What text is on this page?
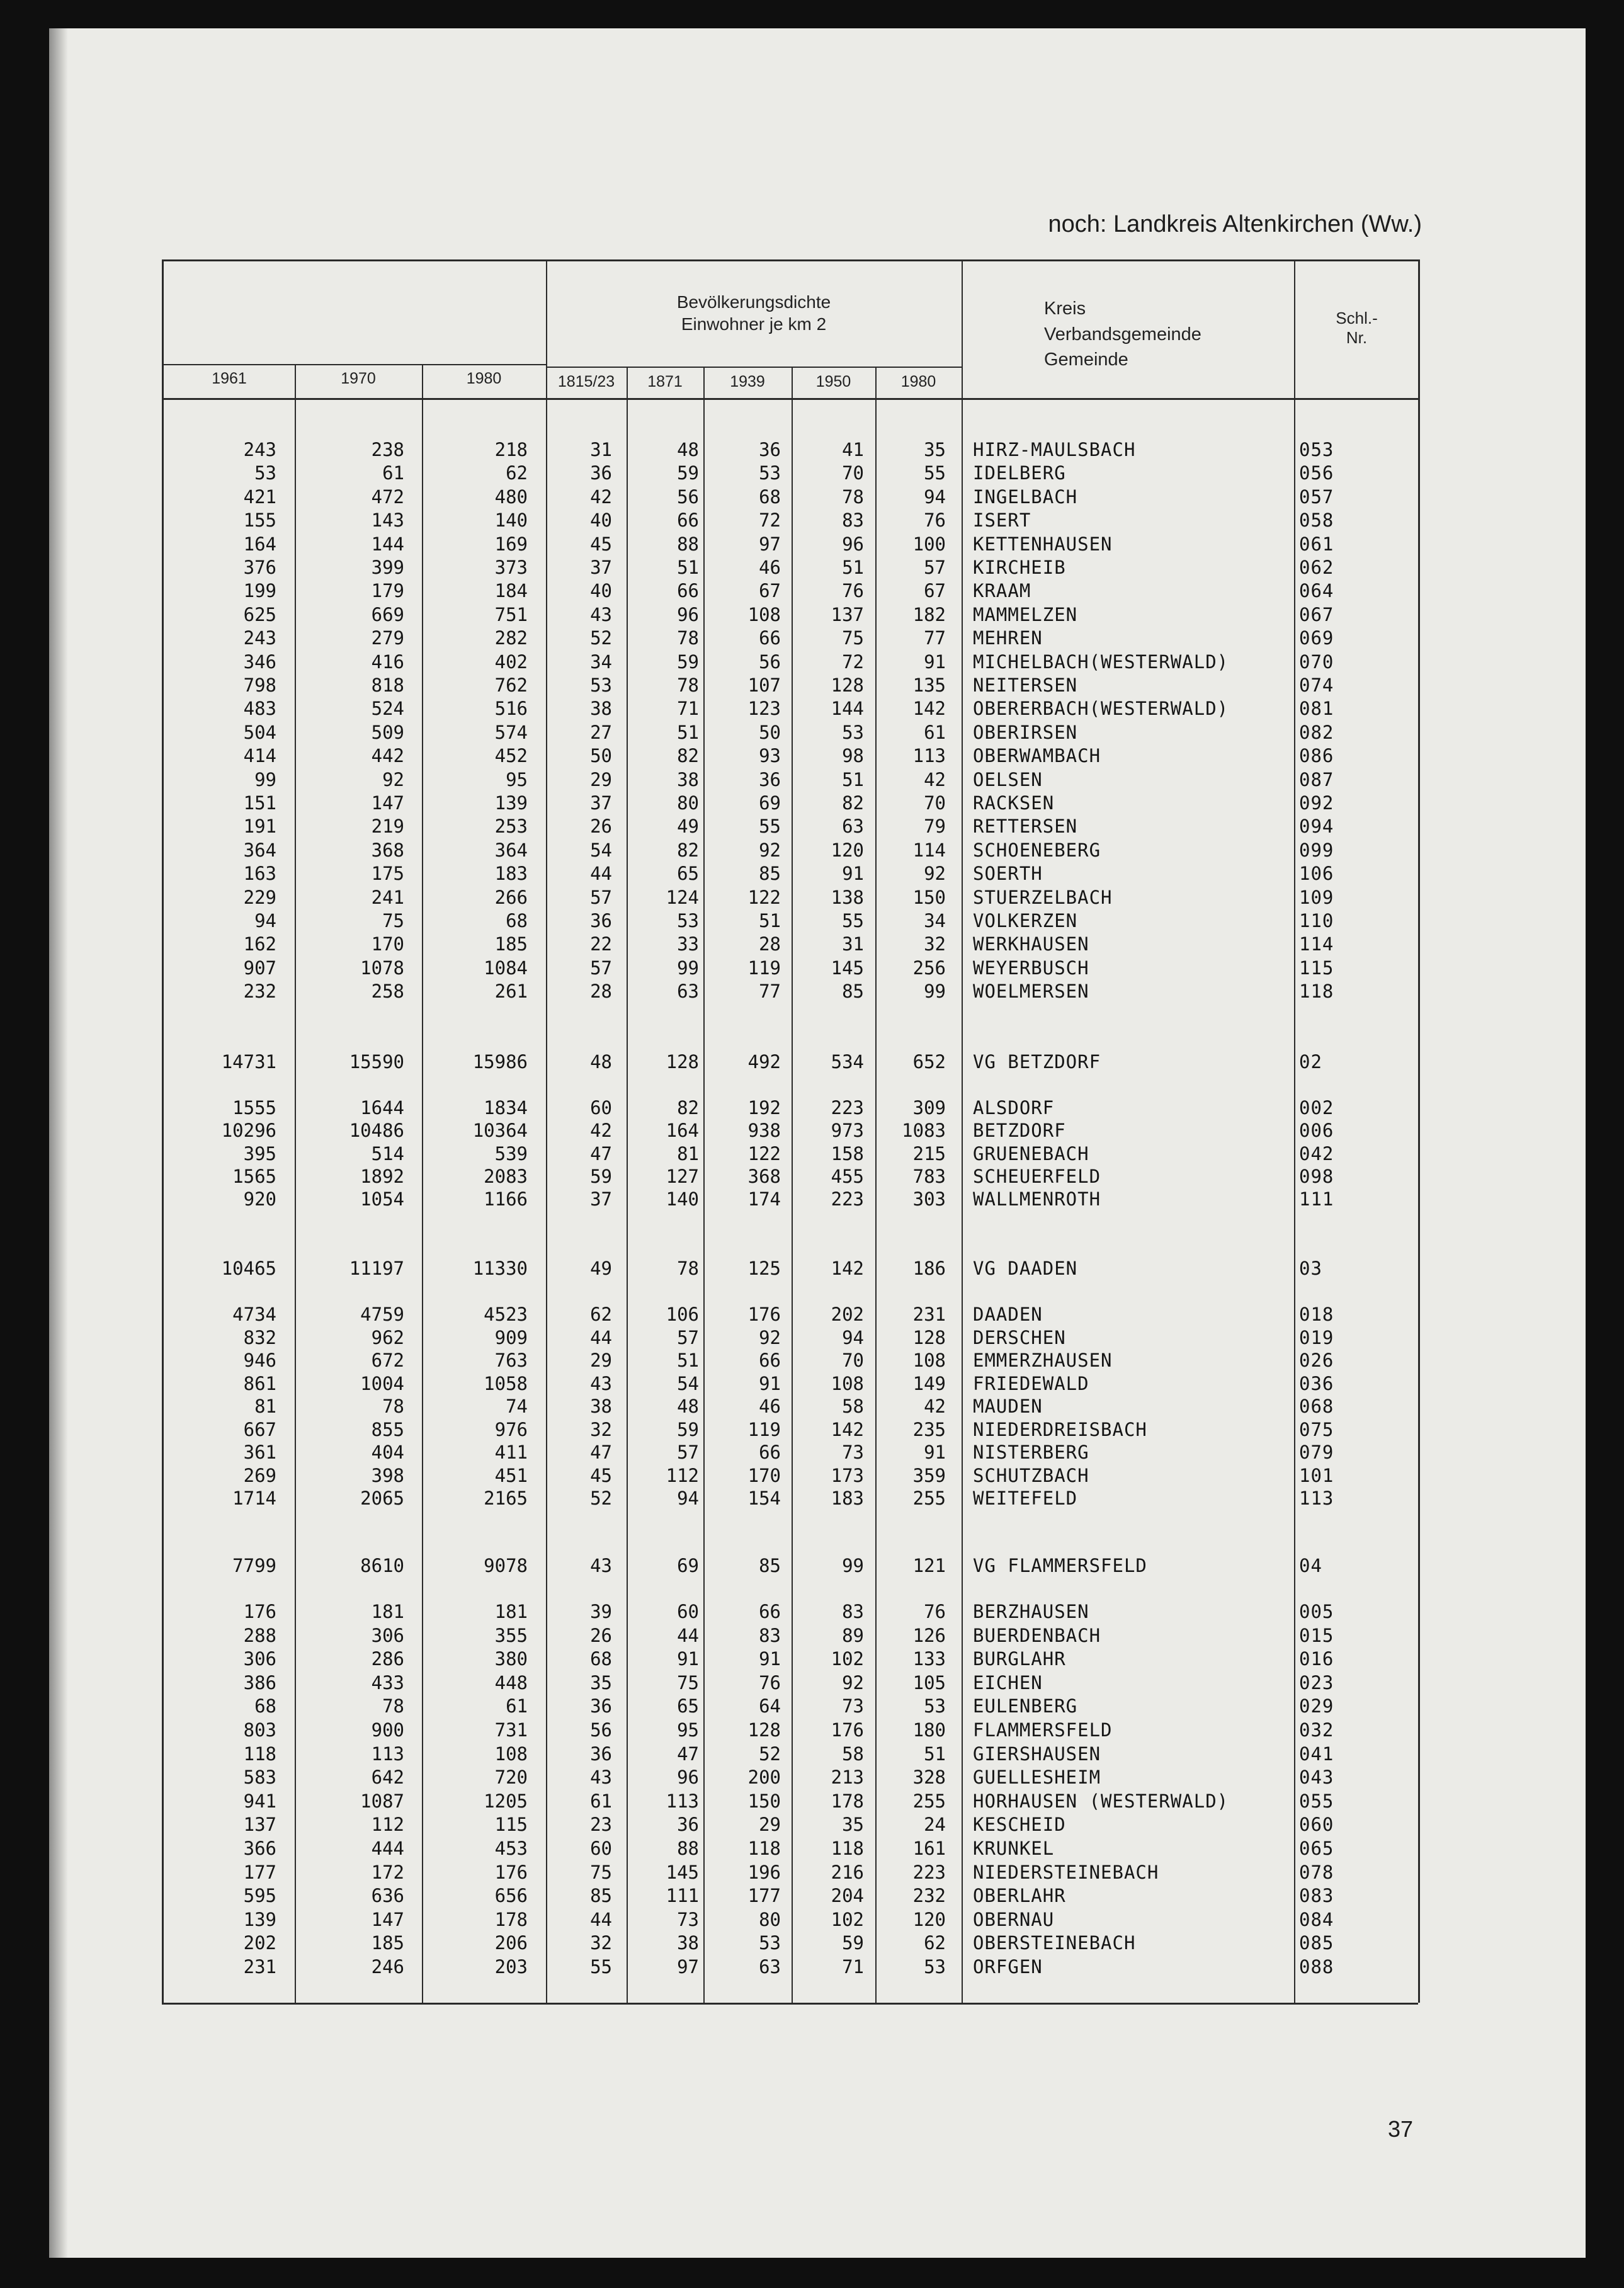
noch: Landkreis Altenkirchen (Ww.)
37
1961	1970	1980
Bevölkerungsdichte
Einwohner je km 2
1815/23	1871	1939	1950	1980
Kreis
Verbandsgemeinde
Gemeinde
Schl.-
Nr.
243	238	218	31	48	36	41	35 HIRZ-MAULSBACH	053
53	61	62	36	59	53	70	55 IDELBERG	056
421	472	480	42	56	68	78	94 INGELBACH	057
155	143	140	40	66	72	83	76 ISERT	058
164	144	169	45	88	97	96	100 KETTENHAUSEN	061
376	399	373	37	51	46	51	57 KIRCHEIB	062
199	179	184	40	66	67	76	67 KRAAM	064
625	669	751	43	96	108	137	182 MAMMELZEN	067
243	279	282	52	78	66	75	77 MEHREN	069
346	416	402	34	59	56	72	91 MICHELBACH(WESTERWALD)	070
798	818	762	53	78	107	128	135 NEITERSEN	074
483	524	516	38	71	123	144	142 OBERERBACH(WESTERWALD)	081
504	509	574	27	51	50	53	61 OBERIRSEN	082
414	442	452	50	82	93	98	113 OBERWAMBACH	086
99	92	95	29	38	36	51	42 OELSEN	087
151	147	139	37	80	69	82	70 RACKSEN	092
191	219	253	26	49	55	63	79 RETTERSEN	094
364	368	364	54	82	92	120	114 SCHOENEBERG	099
163	175	183	44	65	85	91	92 SOERTH	106
229	241	266	57	124	122	138	150 STUERZELBACH	109
94	75	68	36	53	51	55	34 VOLKERZEN	110
162	170	185	22	33	28	31	32 WERKHAUSEN	114
907	1078	1084	57	99	119	145	256 WEYERBUSCH	115
232	258	261	28	63	77	85	99 WOELMERSEN	118
14731	15590	15986	48	128	492	534	652 VG BETZDORF	02
1555	1644	1834	60	82	192	223	309 ALSDORF	002
10296	10486	10364	42	164	938	973	1083 BETZDORF	006
395	514	539	47	81	122	158	215 GRUENEBACH	042
1565	1892	2083	59	127	368	455	783 SCHEUERFELD	098
920	1054	1166	37	140	174	223	303 WALLMENROTH	111
10465	11197	11330	49	78	125	142	186 VG DAADEN	03
4734	4759	4523	62	106	176	202	231 DAADEN	018
832	962	909	44	57	92	94	128 DERSCHEN	019
946	672	763	29	51	66	70	108 EMMERZHAUSEN	026
861	1004	1058	43	54	91	108	149 FRIEDEWALD	036
81	78	74	38	48	46	58	42 MAUDEN	068
667	855	976	32	59	119	142	235 NIEDERDREISBACH	075
361	404	411	47	57	66	73	91 NISTERBERG	079
269	398	451	45	112	170	173	359 SCHUTZBACH	101
1714	2065	2165	52	94	154	183	255 WEITEFELD	113
7799	8610	9078	43	69	85	99	121 VG FLAMMERSFELD	04
176	181	181	39	60	66	83	76 BERZHAUSEN	005
288	306	355	26	44	83	89	126 BUERDENBACH	015
306	286	380	68	91	91	102	133 BURGLAHR	016
386	433	448	35	75	76	92	105 EICHEN	023
68	78	61	36	65	64	73	53 EULENBERG	029
803	900	731	56	95	128	176	180 FLAMMERSFELD	032
118	113	108	36	47	52	58	51 GIERSHAUSEN	041
583	642	720	43	96	200	213	328 GUELLESHEIM	043
941	1087	1205	61	113	150	178	255 HORHAUSEN (WESTERWALD)	055
137	112	115	23	36	29	35	24 KESCHEID	060
366	444	453	60	88	118	118	161 KRUNKEL	065
177	172	176	75	145	196	216	223 NIEDERSTEINEBACH	078
595	636	656	85	111	177	204	232 OBERLAHR	083
139	147	178	44	73	80	102	120 OBERNAU	084
202	185	206	32	38	53	59	62 OBERSTEINEBACH	085
231	246	203	55	97	63	71	53 ORFGEN	088
